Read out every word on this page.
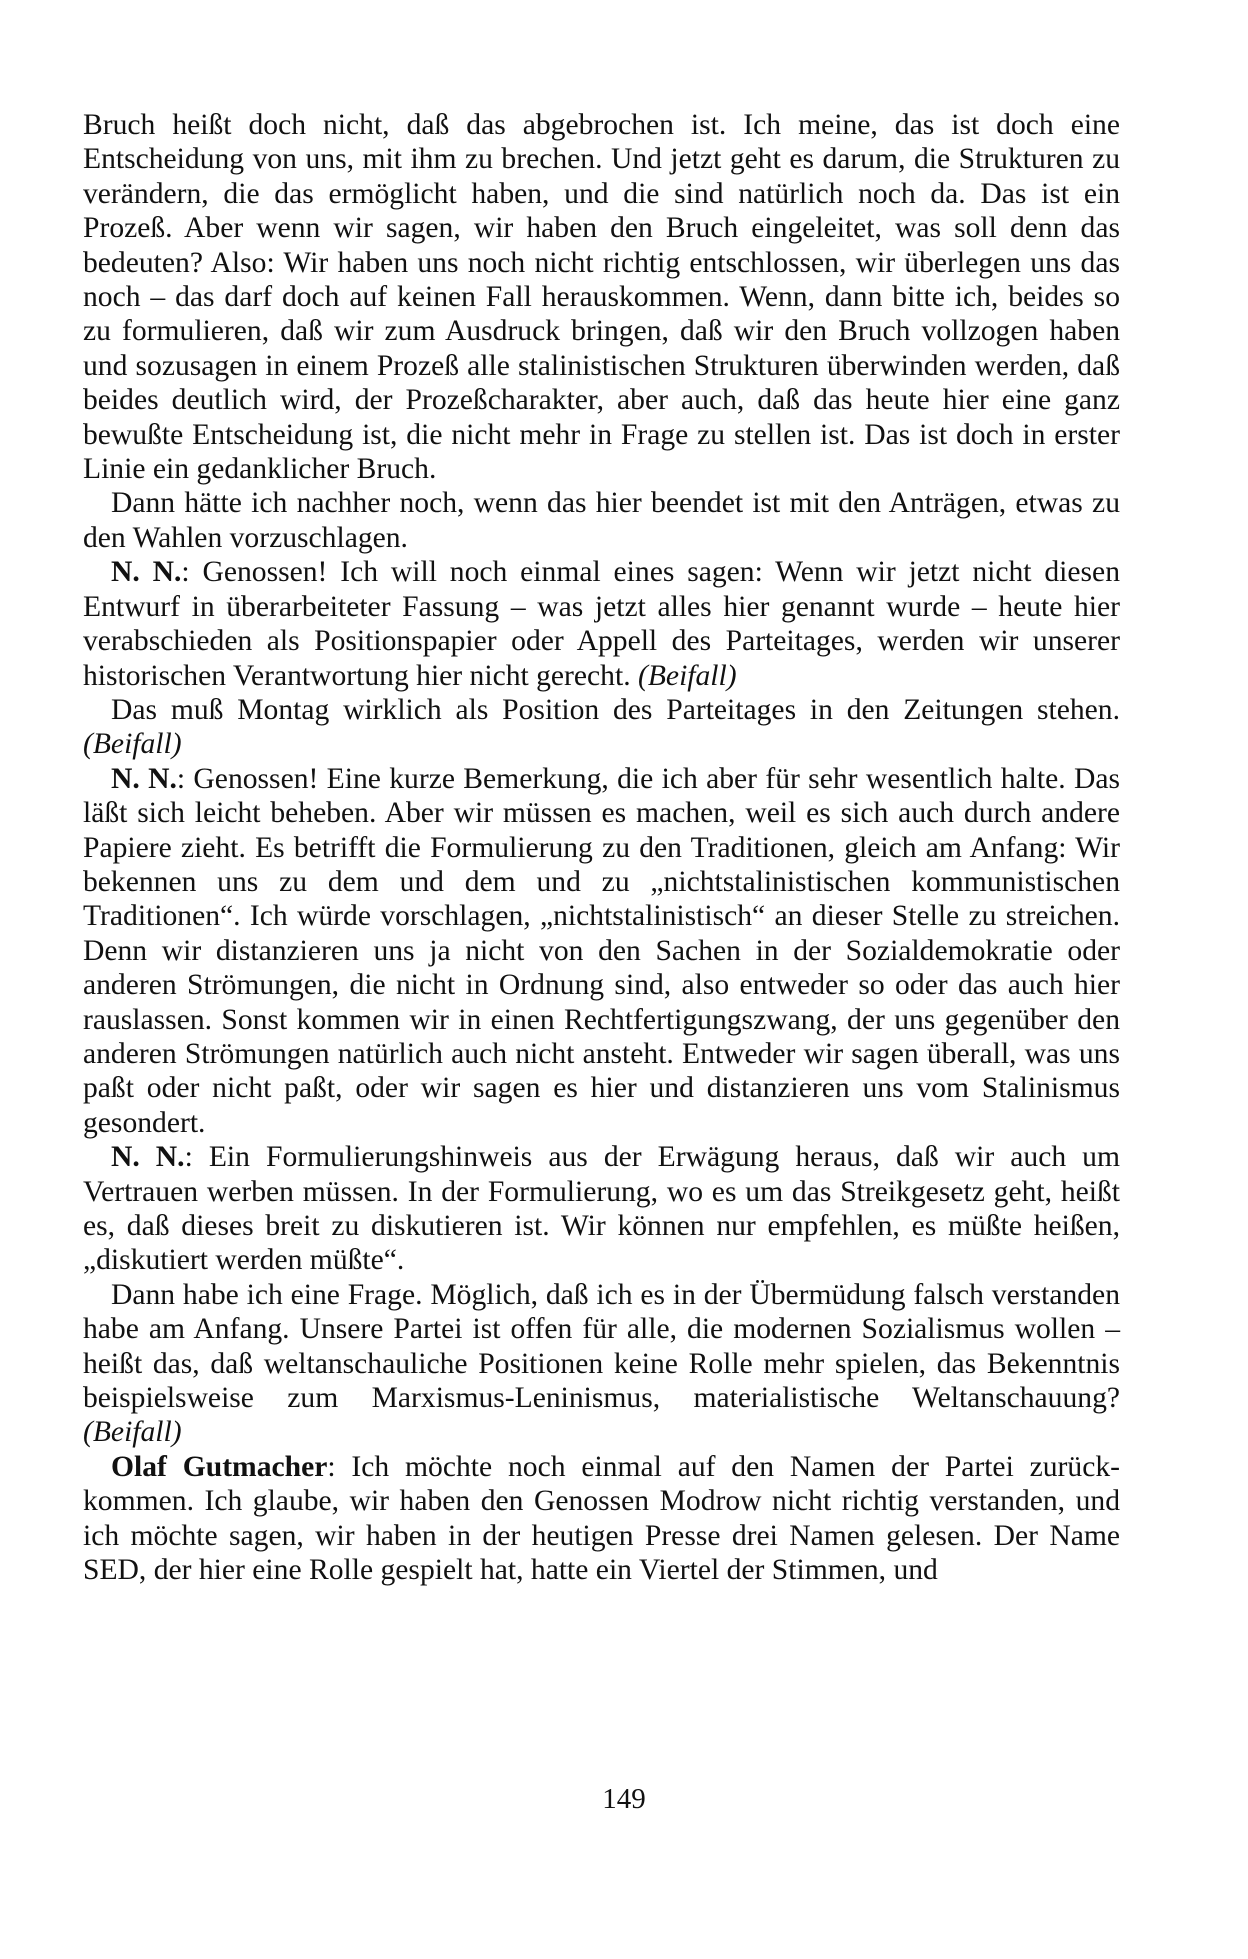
Bruch heißt doch nicht, daß das abgebrochen ist. Ich meine, das ist doch eine Entscheidung von uns, mit ihm zu brechen. Und jetzt geht es darum, die Strukturen zu verändern, die das ermöglicht haben, und die sind natürlich noch da. Das ist ein Prozeß. Aber wenn wir sagen, wir haben den Bruch eingeleitet, was soll denn das bedeuten? Also: Wir haben uns noch nicht richtig entschlossen, wir überlegen uns das noch – das darf doch auf keinen Fall herauskommen. Wenn, dann bitte ich, beides so zu formulieren, daß wir zum Ausdruck bringen, daß wir den Bruch vollzogen haben und sozusagen in einem Prozeß alle stalinistischen Strukturen überwinden werden, daß beides deutlich wird, der Prozeßcharakter, aber auch, daß das heute hier eine ganz bewußte Entscheidung ist, die nicht mehr in Frage zu stellen ist. Das ist doch in erster Linie ein gedanklicher Bruch.

Dann hätte ich nachher noch, wenn das hier beendet ist mit den Anträgen, etwas zu den Wahlen vorzuschlagen.

N. N.: Genossen! Ich will noch einmal eines sagen: Wenn wir jetzt nicht diesen Entwurf in überarbeiteter Fassung – was jetzt alles hier genannt wurde – heute hier verabschieden als Positionspapier oder Appell des Parteitages, werden wir unserer historischen Verantwortung hier nicht gerecht. (Beifall)

Das muß Montag wirklich als Position des Parteitages in den Zeitungen stehen. (Beifall)

N. N.: Genossen! Eine kurze Bemerkung, die ich aber für sehr wesentlich halte. Das läßt sich leicht beheben. Aber wir müssen es machen, weil es sich auch durch andere Papiere zieht. Es betrifft die Formulierung zu den Traditionen, gleich am Anfang: Wir bekennen uns zu dem und dem und zu „nichtstalinistischen kommunistischen Traditionen“. Ich würde vorschlagen, „nichtstalinistisch“ an dieser Stelle zu streichen. Denn wir distanzieren uns ja nicht von den Sachen in der Sozialdemokratie oder anderen Strömungen, die nicht in Ordnung sind, also entweder so oder das auch hier rauslassen. Sonst kommen wir in einen Rechtfertigungszwang, der uns gegenüber den anderen Strömungen natürlich auch nicht ansteht. Entweder wir sagen überall, was uns paßt oder nicht paßt, oder wir sagen es hier und distanzieren uns vom Stalinismus gesondert.

N. N.: Ein Formulierungshinweis aus der Erwägung heraus, daß wir auch um Vertrauen werben müssen. In der Formulierung, wo es um das Streikgesetz geht, heißt es, daß dieses breit zu diskutieren ist. Wir können nur empfehlen, es müßte heißen, „diskutiert werden müßte“.

Dann habe ich eine Frage. Möglich, daß ich es in der Übermüdung falsch verstanden habe am Anfang. Unsere Partei ist offen für alle, die modernen Sozialismus wollen – heißt das, daß weltanschauliche Positionen keine Rolle mehr spielen, das Bekenntnis beispielsweise zum Marxismus-Leninismus, materialistische Weltanschauung? (Beifall)

Olaf Gutmacher: Ich möchte noch einmal auf den Namen der Partei zurückkommen. Ich glaube, wir haben den Genossen Modrow nicht richtig verstanden, und ich möchte sagen, wir haben in der heutigen Presse drei Namen gelesen. Der Name SED, der hier eine Rolle gespielt hat, hatte ein Viertel der Stimmen, und

149
